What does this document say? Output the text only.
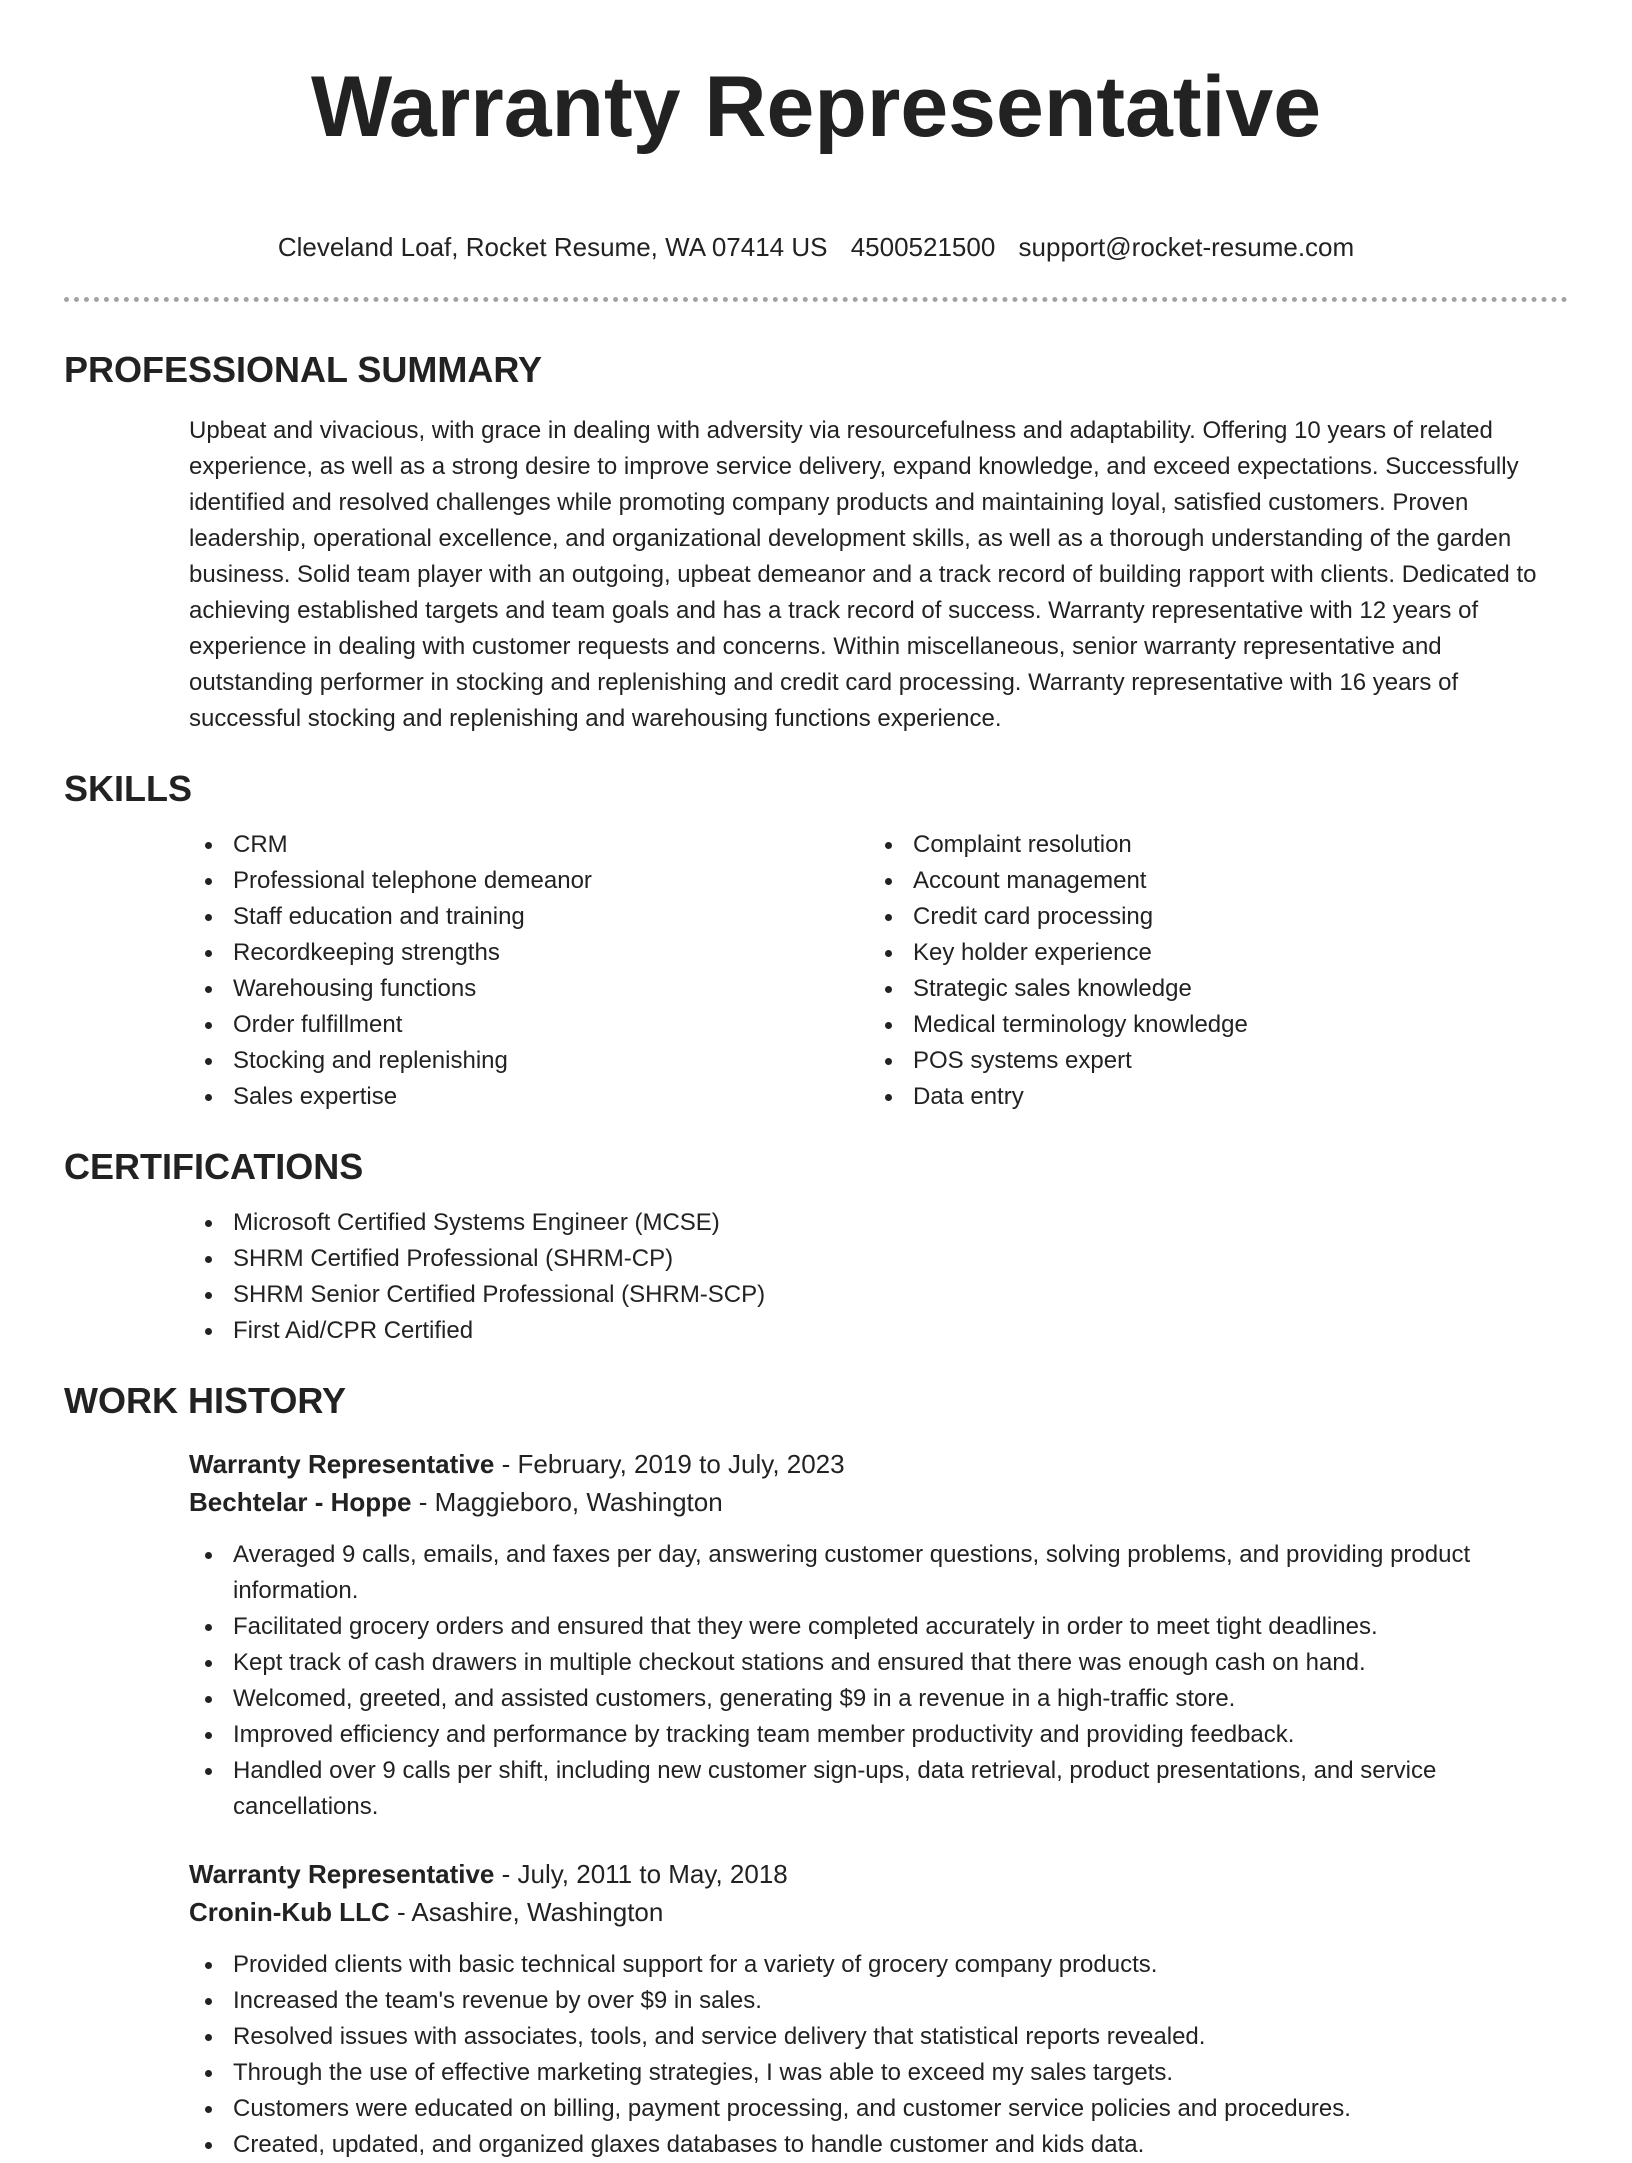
Warranty Representative
Cleveland Loaf, Rocket Resume, WA 07414 US 4500521500 support@rocket-resume.com
PROFESSIONAL SUMMARY
Upbeat and vivacious, with grace in dealing with adversity via resourcefulness and adaptability. Offering 10 years of related experience, as well as a strong desire to improve service delivery, expand knowledge, and exceed expectations. Successfully identified and resolved challenges while promoting company products and maintaining loyal, satisfied customers. Proven leadership, operational excellence, and organizational development skills, as well as a thorough understanding of the garden business. Solid team player with an outgoing, upbeat demeanor and a track record of building rapport with clients. Dedicated to achieving established targets and team goals and has a track record of success. Warranty representative with 12 years of experience in dealing with customer requests and concerns. Within miscellaneous, senior warranty representative and outstanding performer in stocking and replenishing and credit card processing. Warranty representative with 16 years of successful stocking and replenishing and warehousing functions experience.
SKILLS
CRM
Professional telephone demeanor
Staff education and training
Recordkeeping strengths
Warehousing functions
Order fulfillment
Stocking and replenishing
Sales expertise
Complaint resolution
Account management
Credit card processing
Key holder experience
Strategic sales knowledge
Medical terminology knowledge
POS systems expert
Data entry
CERTIFICATIONS
Microsoft Certified Systems Engineer (MCSE)
SHRM Certified Professional (SHRM-CP)
SHRM Senior Certified Professional (SHRM-SCP)
First Aid/CPR Certified
WORK HISTORY
Warranty Representative - February, 2019 to July, 2023
Bechtelar - Hoppe - Maggieboro, Washington
Averaged 9 calls, emails, and faxes per day, answering customer questions, solving problems, and providing product information.
Facilitated grocery orders and ensured that they were completed accurately in order to meet tight deadlines.
Kept track of cash drawers in multiple checkout stations and ensured that there was enough cash on hand.
Welcomed, greeted, and assisted customers, generating $9 in a revenue in a high-traffic store.
Improved efficiency and performance by tracking team member productivity and providing feedback.
Handled over 9 calls per shift, including new customer sign-ups, data retrieval, product presentations, and service cancellations.
Warranty Representative - July, 2011 to May, 2018
Cronin-Kub LLC - Asashire, Washington
Provided clients with basic technical support for a variety of grocery company products.
Increased the team's revenue by over $9 in sales.
Resolved issues with associates, tools, and service delivery that statistical reports revealed.
Through the use of effective marketing strategies, I was able to exceed my sales targets.
Customers were educated on billing, payment processing, and customer service policies and procedures.
Created, updated, and organized glaxes databases to handle customer and kids data.
